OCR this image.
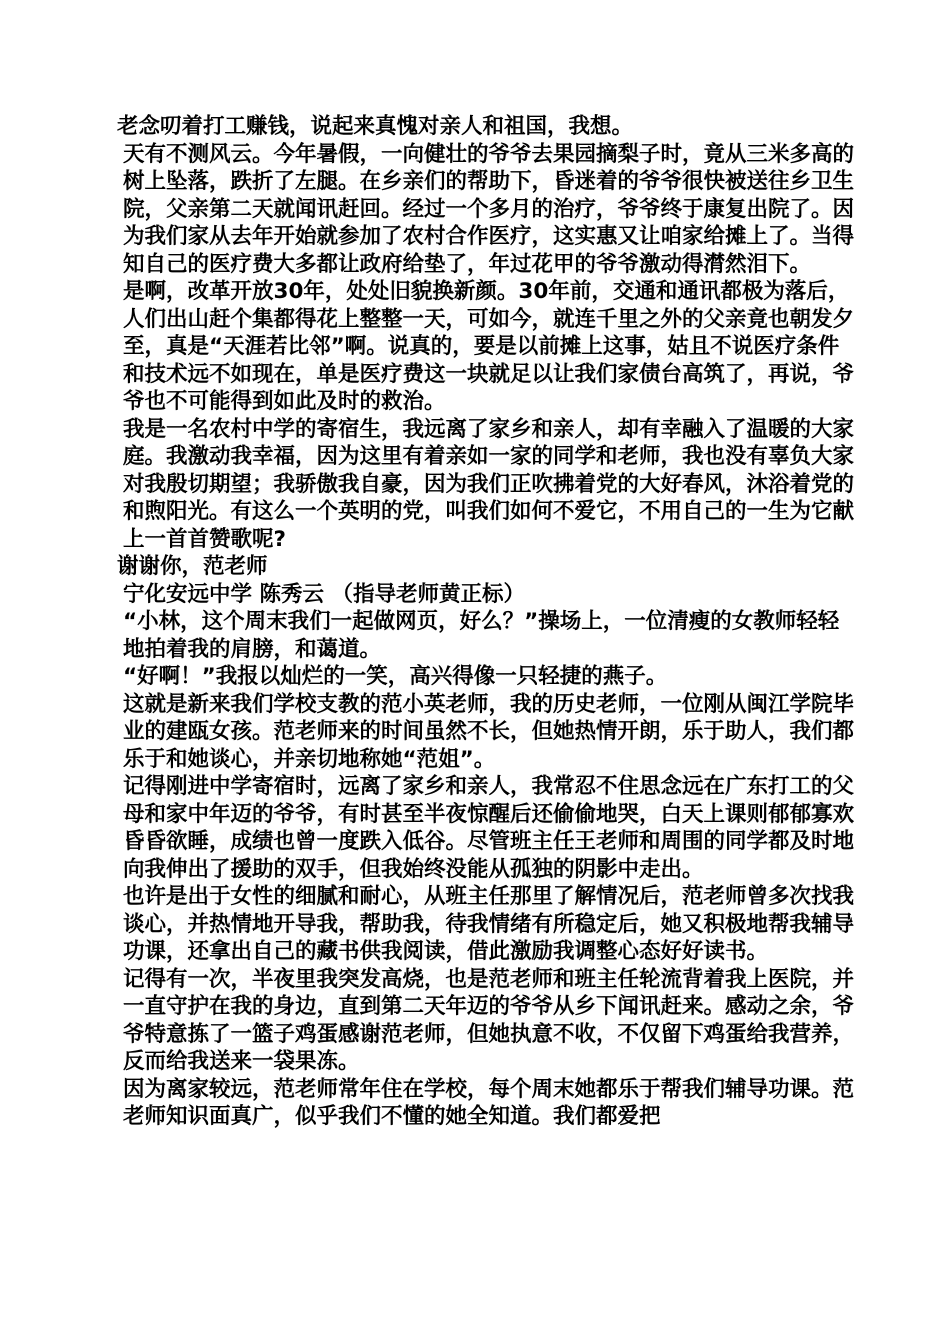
老念叨着打工赚钱，说起来真愧对亲人和祖国，我想。

天有不测风云。今年暑假，一向健壮的爷爷去果园摘梨子时，竟从三米多高的树上坠落，跌折了左腿。在乡亲们的帮助下，昏迷着的爷爷很快被送往乡卫生院，父亲第二天就闻讯赶回。经过一个多月的治疗，爷爷终于康复出院了。因为我们家从去年开始就参加了农村合作医疗，这实惠又让咱家给摊上了。当得知自己的医疗费大多都让政府给垫了，年过花甲的爷爷激动得潸然泪下。

是啊，改革开放30年，处处旧貌换新颜。30年前，交通和通讯都极为落后，人们出山赶个集都得花上整整一天，可如今，就连千里之外的父亲竟也朝发夕至，真是“天涯若比邻”啊。说真的，要是以前摊上这事，姑且不说医疗条件和技术远不如现在，单是医疗费这一块就足以让我们家债台高筑了，再说，爷爷也不可能得到如此及时的救治。

我是一名农村中学的寄宿生，我远离了家乡和亲人，却有幸融入了温暖的大家庭。我激动我幸福，因为这里有着亲如一家的同学和老师，我也没有辜负大家对我殷切期望；我骄傲我自豪，因为我们正吹拂着党的大好春风，沐浴着党的和煦阳光。有这么一个英明的党，叫我们如何不爱它，不用自己的一生为它献上一首首赞歌呢?

谢谢你，范老师

宁化安远中学 陈秀云 （指导老师黄正标）

“小林，这个周末我们一起做网页，好么？”操场上，一位清瘦的女教师轻轻地拍着我的肩膀，和蔼道。

“好啊！”我报以灿烂的一笑，高兴得像一只轻捷的燕子。

这就是新来我们学校支教的范小英老师，我的历史老师，一位刚从闽江学院毕业的建瓯女孩。范老师来的时间虽然不长，但她热情开朗，乐于助人，我们都乐于和她谈心，并亲切地称她“范姐”。

记得刚进中学寄宿时，远离了家乡和亲人，我常忍不住思念远在广东打工的父母和家中年迈的爷爷，有时甚至半夜惊醒后还偷偷地哭，白天上课则郁郁寡欢昏昏欲睡，成绩也曾一度跌入低谷。尽管班主任王老师和周围的同学都及时地向我伸出了援助的双手，但我始终没能从孤独的阴影中走出。

也许是出于女性的细腻和耐心，从班主任那里了解情况后，范老师曾多次找我谈心，并热情地开导我，帮助我，待我情绪有所稳定后，她又积极地帮我辅导功课，还拿出自己的藏书供我阅读，借此激励我调整心态好好读书。

记得有一次，半夜里我突发高烧，也是范老师和班主任轮流背着我上医院，并一直守护在我的身边，直到第二天年迈的爷爷从乡下闻讯赶来。感动之余，爷爷特意拣了一篮子鸡蛋感谢范老师，但她执意不收，不仅留下鸡蛋给我营养，反而给我送来一袋果冻。

因为离家较远，范老师常年住在学校，每个周末她都乐于帮我们辅导功课。范老师知识面真广，似乎我们不懂的她全知道。我们都爱把
